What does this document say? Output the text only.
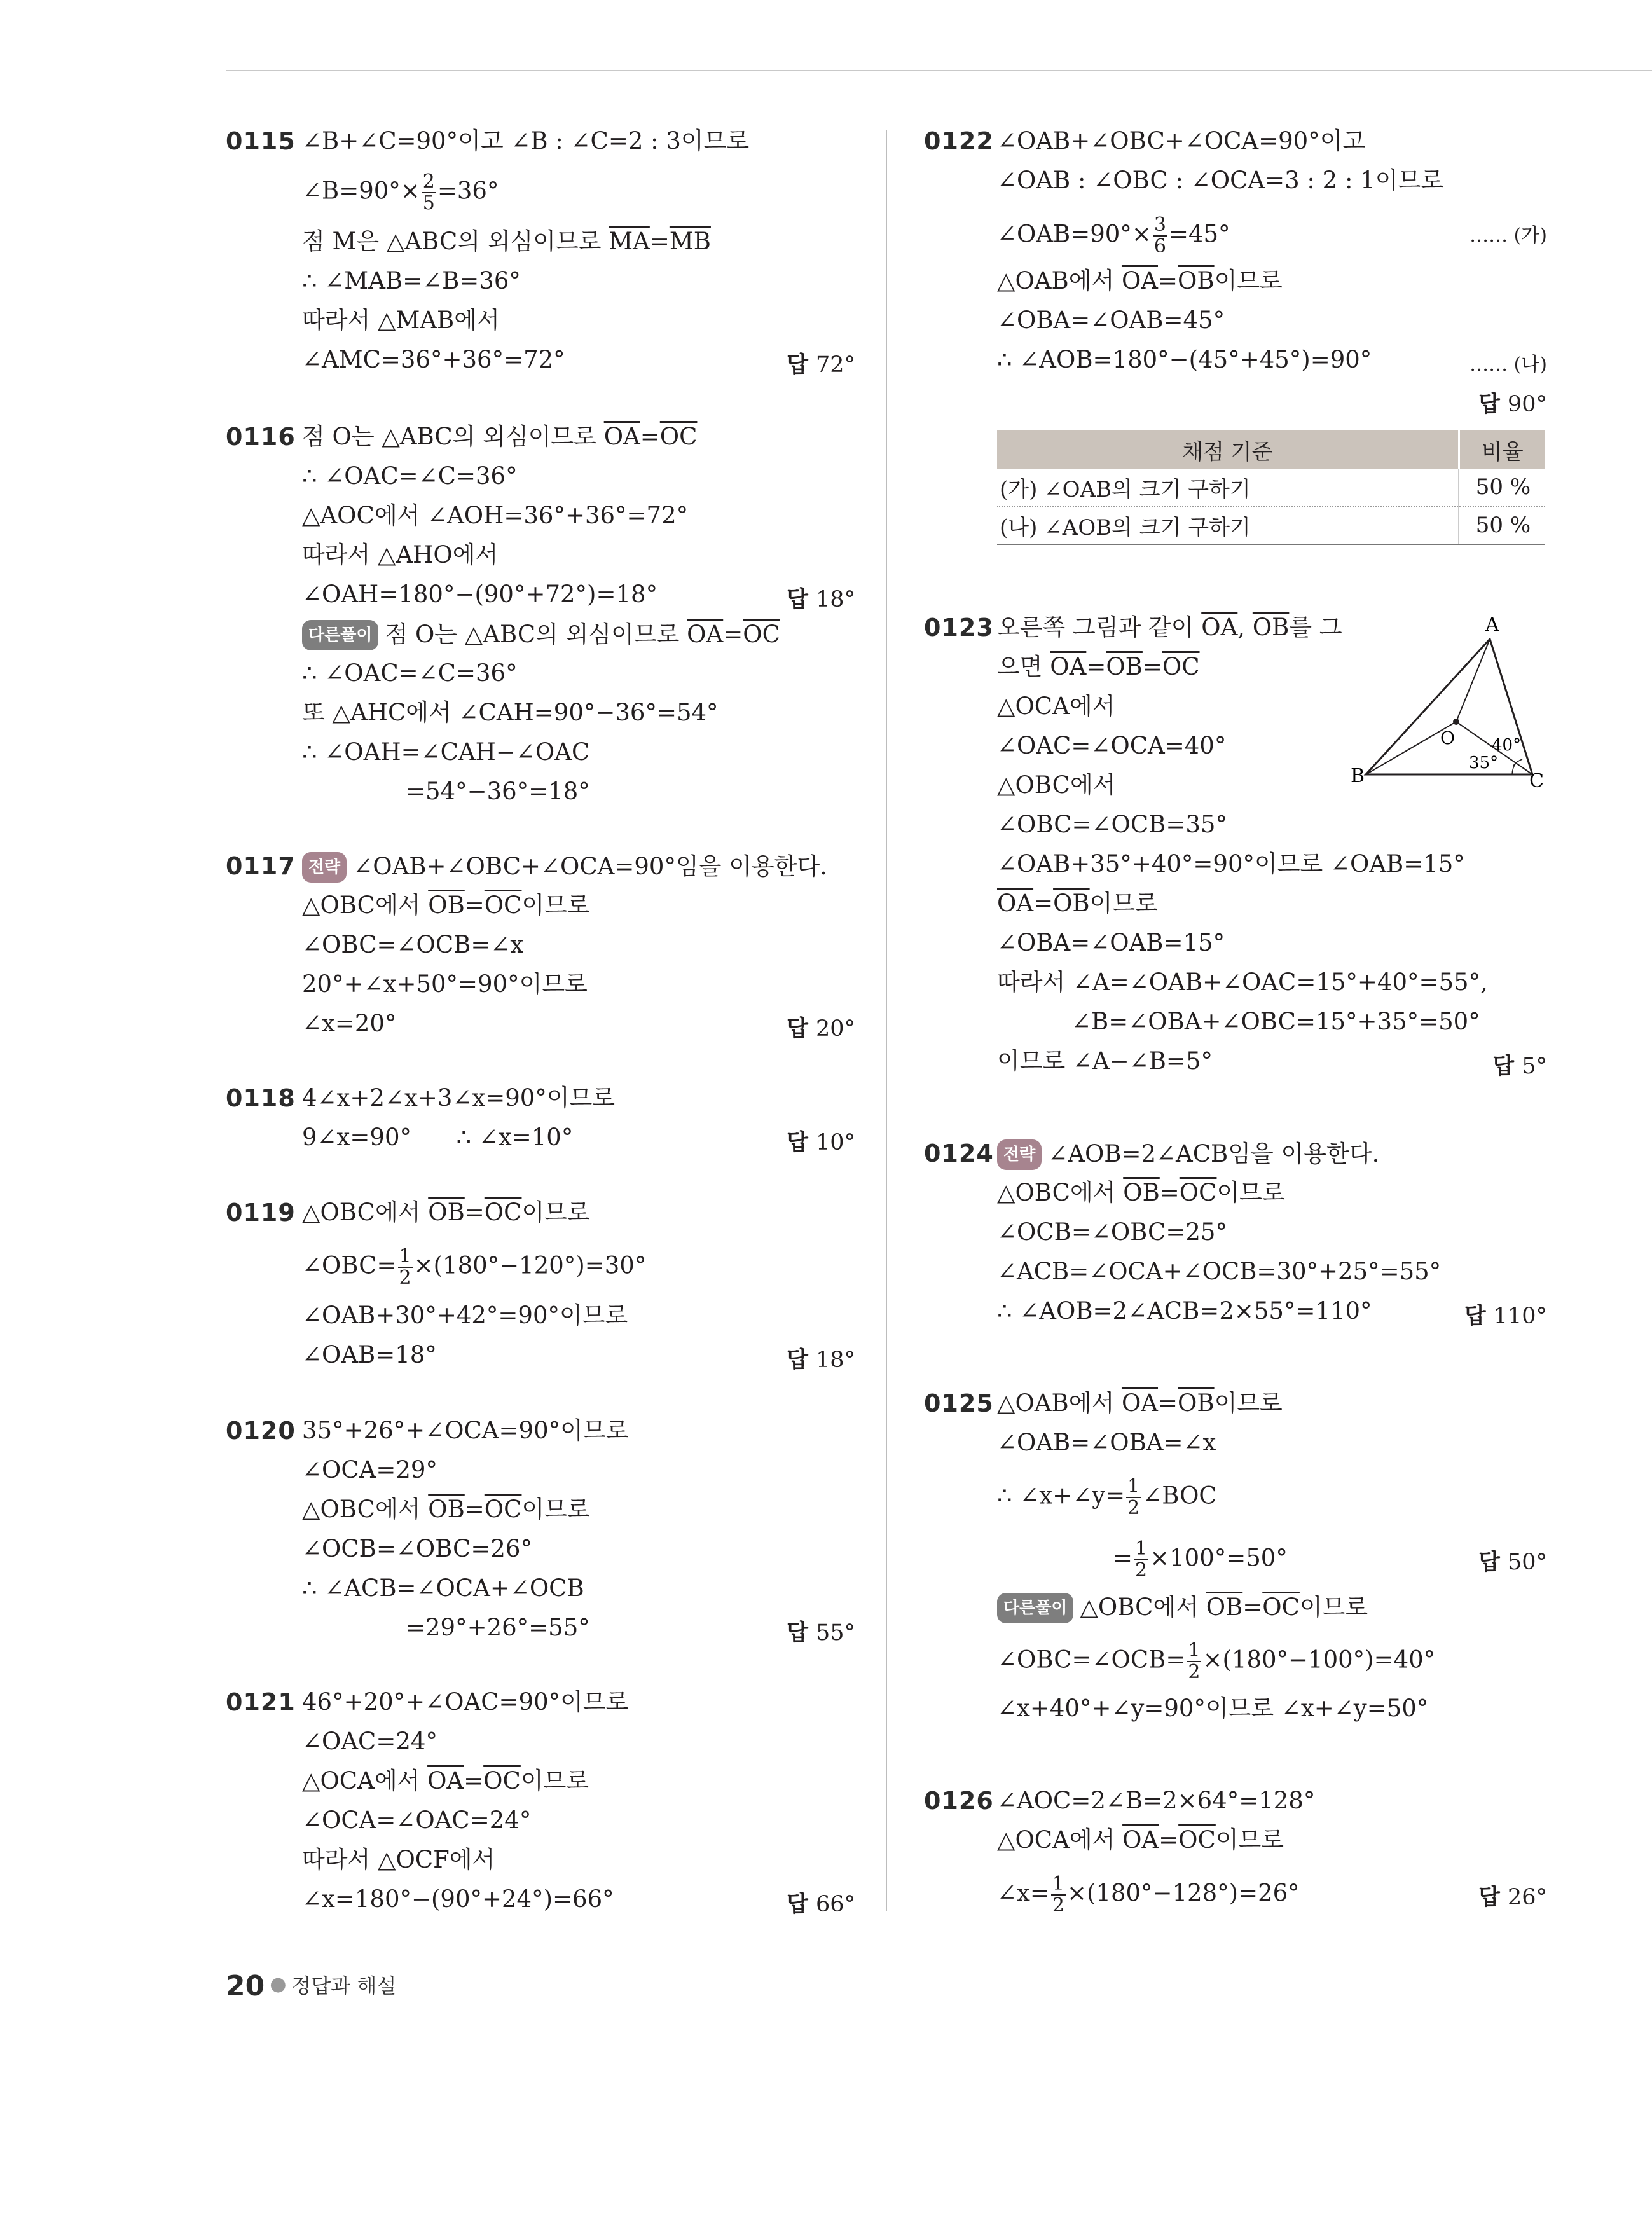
0115 ∠B+∠C=90°이고 ∠B : ∠C=2 : 3이므로
∠B=90°× $\frac{2}{5} =36^\circ$
점 M은 △ABC의 외심이므로 $\overline{MA}=\overline{MB}$
∴ ∠MAB=∠B=36°
따라서 △MAB에서
∠AMC=36°+36°=72°	답 72°
0116 점 O는 △ABC의 외심이므로 $\overline{OA}=\overline{OC}$
∴ ∠OAC=∠C=36°
△AOC에서 ∠AOH=36°+36°=72°
따라서 △AHO에서
∠OAH=180°−(90°+72°)=18°	답 18°
다른풀이 점 O는 △ABC의 외심이므로 $\overline{OA}=\overline{OC}$
∴ ∠OAC=∠C=36°
또 △AHC에서 ∠CAH=90°−36°=54°
∴ ∠OAH=∠CAH−∠OAC
=54°−36°=18°
0117 전략 ∠OAB+∠OBC+∠OCA=90°임을 이용한다.
△OBC에서 $\overline{OB}=\overline{OC}$이므로
∠OBC=∠OCB=∠x
20°+∠x+50°=90°이므로
∠x=20°	답 20°
0118 4∠x+2∠x+3∠x=90°이므로
9∠x=90°      ∴ ∠x=10°	답 10°
0119 △OBC에서 $\overline{OB}=\overline{OC}$이므로
∠OBC= $\frac{1}{2} \times(180^\circ-120^\circ)=30^\circ$
∠OAB+30°+42°=90°이므로
∠OAB=18°	답 18°
0120 35°+26°+∠OCA=90°이므로
∠OCA=29°
△OBC에서 $\overline{OB}=\overline{OC}$이므로
∠OCB=∠OBC=26°
∴ ∠ACB=∠OCA+∠OCB
=29°+26°=55°	답 55°
0121 46°+20°+∠OAC=90°이므로
∠OAC=24°
△OCA에서 $\overline{OA}=\overline{OC}$이므로
∠OCA=∠OAC=24°
따라서 △OCF에서
∠x=180°−(90°+24°)=66°	답 66°
0122 ∠OAB+∠OBC+∠OCA=90°이고
∠OAB : ∠OBC : ∠OCA=3 : 2 : 1이므로
∠OAB=90°× $\frac{3}{6} =45^\circ$	…… (가)
△OAB에서 $\overline{OA}=\overline{OB}$이므로
∠OBA=∠OAB=45°
∴ ∠AOB=180°−(45°+45°)=90°	…… (나)
답 90°
채점 기준	비율
(가) ∠OAB의 크기 구하기	50 %
(나) ∠AOB의 크기 구하기	50 %
0123 오른쪽 그림과 같이 $\overline{OA}$, $\overline{OB}$를 그
으면 $\overline{OA}=\overline{OB}=\overline{OC}$
△OCA에서
∠OAC=∠OCA=40°
△OBC에서
∠OBC=∠OCB=35°
∠OAB+35°+40°=90°이므로 ∠OAB=15°
$\overline{OA}=\overline{OB}$이므로
∠OBA=∠OAB=15°
따라서 ∠A=∠OAB+∠OAC=15°+40°=55°,
∠B=∠OBA+∠OBC=15°+35°=50°
이므로 ∠A−∠B=5°	답 5°
A
B	C
O 40°
35°
0124 전략 ∠AOB=2∠ACB임을 이용한다.
△OBC에서 $\overline{OB}=\overline{OC}$이므로
∠OCB=∠OBC=25°
∠ACB=∠OCA+∠OCB=30°+25°=55°
∴ ∠AOB=2∠ACB=2×55°=110°	답 110°
0125 △OAB에서 $\overline{OA}=\overline{OB}$이므로
∠OAB=∠OBA=∠x
∴ ∠x+∠y= $\frac{1}{2}$ ∠BOC
= $\frac{1}{2} \times 100^\circ=50^\circ$	답 50°
다른풀이 △OBC에서 $\overline{OB}=\overline{OC}$이므로
∠OBC=∠OCB= $\frac{1}{2} \times(180^\circ-100^\circ)=40^\circ$
∠x+40°+∠y=90°이므로 ∠x+∠y=50°
0126 ∠AOC=2∠B=2×64°=128°
△OCA에서 $\overline{OA}=\overline{OC}$이므로
∠x= $\frac{1}{2} \times(180^\circ-128^\circ)=26^\circ$	답 26°
20 ● 정답과 해설
